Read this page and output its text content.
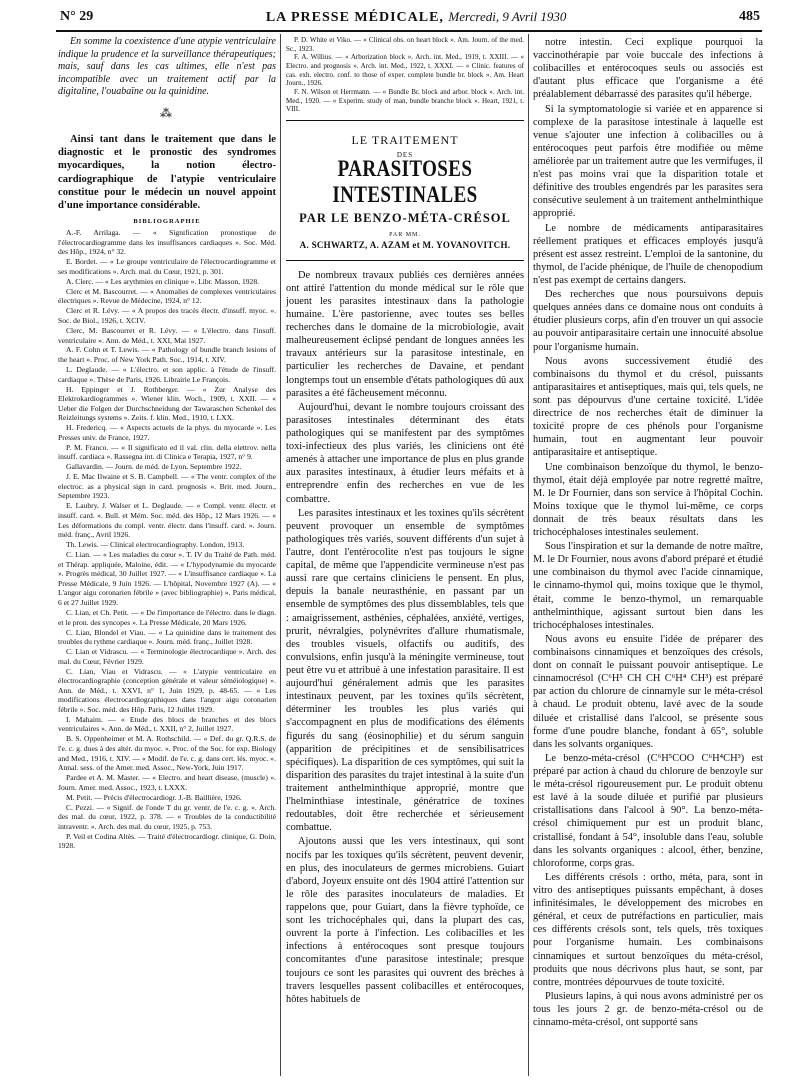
N° 29	LA PRESSE MÉDICALE, Mercredi, 9 Avril 1930	485

En somme la coexistence d'une atypie ventriculaire indique la prudence et la surveillance thérapeutiques; mais, sauf dans les cas ultimes, elle n'est pas incompatible avec un traitement actif par la digitaline, l'ouabaïne ou la quinidine.

⁂

Ainsi tant dans le traitement que dans le diagnostic et le pronostic des syndromes myocardiques, la notion électro-cardiographique de l'atypie ventriculaire constitue pour le médecin un nouvel appoint d'une importance considérable.

BIBLIOGRAPHIE

A.-F. Arrilaga. — « Signification pronostique de l'électrocardiogramme dans les insuffisances cardiaques ». Soc. Méd. des Hôp., 1924, n° 32.

E. Bordet. — « Le groupe ventriculaire de l'électrocardiogramme et ses modifications ». Arch. mal. du Cœur, 1921, p. 301.

A. Clerc. — « Les arythmies en clinique ». Libr. Masson, 1928.

Clerc et M. Bascourret. — « Anomalies de complexes ventriculaires électriques ». Revue de Médecine, 1924, n° 12.

Clerc et R. Lévy. — « A propos des tracés électr. d'insuff. myoc. ». Soc. de Biol., 1926, t. XCIV.

Clerc, M. Bascourret et R. Lévy. — « L'électro. dans l'insuff. ventriculaire ». Ann. de Méd., t. XXI, Mai 1927.

A. F. Cohn et T. Lewis. — « Pathology of bundle branch lesions of the heart ». Proc. of New York Path. Soc., 1914, t. XIV.

L. Deglaude. — « L'électro. et son applic. à l'étude de l'insuff. cardiaque ». Thèse de Paris, 1926. Librairie Le François.

H. Eppinger et J. Rothberger. — « Zur Analyse des Elektrokardiogrammes ». Wiener klin. Woch., 1909, t. XXII. — « Ueber die Folgen der Durchschneidung der Tawaraschen Schenkel des Reizleitungs systems ». Zeits. f. klin. Med., 1910, t. LXX.

H. Fredericq. — « Aspects actuels de la phys. du myocarde ». Les Presses univ. de France, 1927.

P. M. Franco. — « Il significato ed il val. clin. della elettrov. nella insuff. cardiaca ». Rassegna int. di Clinica e Terapia, 1927, n° 9.

Gallavardin. — Journ. de méd. de Lyon, Septembre 1922.

J. E. Mac Ilwaine et S. B. Campbell. — « The ventr. complex of the electroc. as a physical sign in card. prognosis ». Brit. med. Journ., Septembre 1923.

E. Laubry, J. Walser et L. Deglaude. — « Compl. ventr. électr. et insuff. card. ». Bull. et Mém. Soc. méd. des Hôp., 12 Mars 1926. — « Les déformations du compl. ventr. électr. dans l'insuff. card. ». Journ. méd. franç., Avril 1926.

Th. Lewis. — Clinical electrocardiography. London, 1913.

C. Lian. — « Les maladies du cœur ». T. IV du Traité de Path. méd. et Thérap. appliquée, Maloine, édit. — « L'hypodynamie du myocarde ». Progrès médical, 30 Juillet 1927. — « L'insuffisance cardiaque ». La Presse Médicale, 9 Juin 1926. — L'hôpital, Novembre 1927 (A). — « L'angor aigu coronarien fébrile » (avec bibliographie) ». Paris médical, 6 et 27 Juillet 1929.

C. Lian, et Ch. Petit. — « De l'importance de l'électro. dans le diagn. et le pron. des syncopes ». La Presse Médicale, 20 Mars 1926.

C. Lian, Blondel et Viau. — « La quinidine dans le traitement des troubles du rythme cardiaque ». Journ. méd. franç., Juillet 1928.

C. Lian et Vidrascu. — « Terminologie électrocardique ». Arch. des mal. du Cœur, Février 1929.

C. Lian, Viau et Vidrascu. — « L'atypie ventriculaire en électrocardiographie (conception générale et valeur séméiologique) ». Ann. de Méd., t. XXVI, n° 1, Juin 1929, p. 48-65. — « Les modifications électrocardiographiques dans l'angor aigu coronarien fébrile ». Soc. méd. des Hôp. Paris, 12 Juillet 1929.

I. Mahaim. — « Etude des blocs de branches et des blocs ventriculaires ». Ann. de Méd., t. XXII, n° 2, Juillet 1927.

B. S. Oppenheimer et M. A. Rothschild. — « Def. du gr. Q.R.S. de l'e. c. g. dues à des altér. du myoc. ». Proc. of the Soc. for exp. Biology and Med., 1916, t. XIV. — « Modif. de l'e. c. g. dans cert. lés. myoc. ». Annal. sess. of the Amer. med. Assoc., New-York, Juin 1917.

Pardee et A. M. Master. — « Electro. and heart disease, (muscle) ». Journ. Amer. med. Assoc., 1923, t. LXXX.

M. Petit. — Précis d'électrocardiogr. J.-B. Baillière, 1926.

C. Pezzi. — « Signif. de l'onde T du gr. ventr. de l'e. c. g. ». Arch. des mal. du cœur, 1922, p. 378. — « Troubles de la conductibilité intraventr. ». Arch. des mal. du cœur, 1925, p. 753.

P. Veil et Codina Altès. — Traité d'électrocardiogr. clinique, G. Doin, 1928.

P. D. White et Viko. — « Clinical obs. on heart block ». Am. Journ. of the med. Sc., 1923.

F. A. Willius. — « Arborization block ». Arch. int. Med., 1919, t. XXIII. — « Electro. and prognosis ». Arch. int. Med., 1922, t. XXXI. — « Clinic. features of cas. exh. electro. conf. to those of exper. complete bundle br. block ». Am. Heart Journ., 1926.

F. N. Wilson et Herrmann. — « Bundle Br. block and arbor. block ». Arch. int. Med., 1920. — « Experim. study of man, bundle branche block ». Heart, 1921, t. VIII.

LE TRAITEMENT
DES
PARASITOSES INTESTINALES
PAR LE BENZO-MÉTA-CRÉSOL
PAR MM.
A. SCHWARTZ, A. AZAM et M. YOVANOVITCH.

De nombreux travaux publiés ces dernières années ont attiré l'attention du monde médical sur le rôle que jouent les parasites intestinaux dans la pathologie humaine. L'ère pastorienne, avec toutes ses belles recherches dans le domaine de la microbiologie, avait malheureusement éclipsé pendant de longues années les travaux antérieurs sur la parasitose intestinale, en particulier les recherches de Davaine, et pendant longtemps tout un ensemble d'états pathologiques dû aux parasites a été fâcheusement méconnu.

Aujourd'hui, devant le nombre toujours croissant des parasitoses intestinales déterminant des états pathologiques qui se manifestent par des symptômes toxi-infectieux des plus variés, les cliniciens ont été amenés à attacher une importance de plus en plus grande aux parasites intestinaux, à étudier leurs méfaits et à entreprendre enfin des recherches en vue de les combattre.

Les parasites intestinaux et les toxines qu'ils sécrètent peuvent provoquer un ensemble de symptômes pathologiques très variés, souvent différents d'un sujet à l'autre, dont l'entérocolite n'est pas toujours le signe capital, de même que l'appendicite vermineuse n'est pas aussi rare que certains cliniciens le pensent. En plus, depuis la banale neurasthénie, en passant par un ensemble de symptômes des plus dissemblables, tels que : amaigrissement, asthénies, céphalées, anxiété, vertiges, prurit, névralgies, polynévrites d'allure rhumatismale, des troubles visuels, olfactifs ou auditifs, des convulsions, enfin jusqu'à la méningite vermineuse, tout peut être vu et attribué à une infestation parasitaire. Il est aujourd'hui généralement admis que les parasites intestinaux peuvent, par les toxines qu'ils sécrètent, déterminer les troubles les plus variés qui s'accompagnent en plus de modifications des éléments figurés du sang (éosinophilie) et du sérum sanguin (apparition de précipitines et de sensibilisatrices spécifiques). La disparition de ces symptômes, qui suit la disparition des parasites du trajet intestinal à la suite d'un traitement anthelminthique approprié, montre que l'helminthiase intestinale, génératrice de toxines redoutables, doit être recherchée et sérieusement combattue.

Ajoutons aussi que les vers intestinaux, qui sont nocifs par les toxiques qu'ils sécrètent, peuvent devenir, en plus, des inoculateurs de germes microbiens. Guiart d'abord, Joyeux ensuite ont dès 1904 attiré l'attention sur le rôle des parasites inoculateurs de maladies. Et rappelons que, pour Guiart, dans la fièvre typhoïde, ce sont les trichocéphales qui, dans la plupart des cas, ouvrent la porte à l'infection. Les colibacilles et les infections à entérocoques sont presque toujours concomitantes d'une parasitose intestinale; presque toujours ce sont les parasites qui ouvrent des brèches à travers lesquelles passent colibacilles et entérocoques, hôtes habituels de

notre intestin. Ceci explique pourquoi la vaccinothérapie par voie buccale des infections à colibacilles et entérocoques seuls ou associés est d'autant plus efficace que l'organisme a été préalablement débarrassé des parasites qu'il héberge.

Si la symptomatologie si variée et en apparence si complexe de la parasitose intestinale à laquelle est venue s'ajouter une infection à colibacilles ou à entérocoques peut parfois être modifiée ou même améliorée par un traitement autre que les vermifuges, il n'est pas moins vrai que la disparition totale et définitive des troubles engendrés par les parasites sera consécutive seulement à un traitement anthelminthique approprié.

Le nombre de médicaments antiparasitaires réellement pratiques et efficaces employés jusqu'à présent est assez restreint. L'emploi de la santonine, du thymol, de l'acide phénique, de l'huile de chenopodium n'est pas exempt de certains dangers.

Des recherches que nous poursuivons depuis quelques années dans ce domaine nous ont conduits à étudier plusieurs corps, afin d'en trouver un qui associe au pouvoir antiparasitaire certain une innocuité absolue pour l'organisme humain.

Nous avons successivement étudié des combinaisons du thymol et du crésol, puissants antiparasitaires et antiseptiques, mais qui, tels quels, ne sont pas dépourvus d'une certaine toxicité. L'idée directrice de nos recherches était de diminuer la toxicité propre de ces phénols pour l'organisme humain, tout en augmentant leur pouvoir antiparasitaire et antiseptique.

Une combinaison benzoïque du thymol, le benzo-thymol, était déjà employée par notre regretté maître, M. le Dr Fournier, dans son service à l'hôpital Cochin. Moins toxique que le thymol lui-même, ce corps donnait de très beaux résultats dans les trichocéphaloses intestinales seulement.

Sous l'inspiration et sur la demande de notre maître, M. le Dr Fournier, nous avons d'abord préparé et étudié une combinaison du thymol avec l'acide cinnamique, le cinnamo-thymol qui, moins toxique que le thymol, était, comme le benzo-thymol, un remarquable anthelminthique, agissant surtout bien dans les trichocéphaloses intestinales.

Nous avons eu ensuite l'idée de préparer des combinaisons cinnamiques et benzoïques des crésols, dont on connaît le puissant pouvoir antiseptique. Le cinnamocrésol (C⁶H⁵ CH CH C⁶H⁴ CH³) est préparé par action du chlorure de cinnamyle sur le méta-crésol à chaud. Le produit obtenu, lavé avec de la soude diluée et cristallisé dans l'alcool, se présente sous forme d'une poudre blanche, fondant à 65°, soluble dans les solvants organiques.

Le benzo-méta-crésol (C⁶H⁵COO C⁶H⁴CH³) est préparé par action à chaud du chlorure de benzoyle sur le méta-crésol rigoureusement pur. Le produit obtenu est lavé à la soude diluée et purifié par plusieurs cristallisations dans l'alcool à 90°. La benzo-méta-crésol chimiquement pur est un produit blanc, cristallisé, fondant à 54°, insoluble dans l'eau, soluble dans les solvants organiques : alcool, éther, benzine, chloroforme, corps gras.

Les différents crésols : ortho, méta, para, sont in vitro des antiseptiques puissants empêchant, à doses infinitésimales, le développement des microbes en général, et ceux de putréfactions en particulier, mais ces différents crésols sont, tels quels, très toxiques pour l'organisme humain. Les combinaisons cinnamiques et surtout benzoïques du méta-crésol, produits que nous décrivons plus haut, se sont, par contre, montrées dépourvues de toute toxicité.

Plusieurs lapins, à qui nous avons administré per os tous les jours 2 gr. de benzo-méta-crésol ou de cinnamo-méta-crésol, ont supporté sans
